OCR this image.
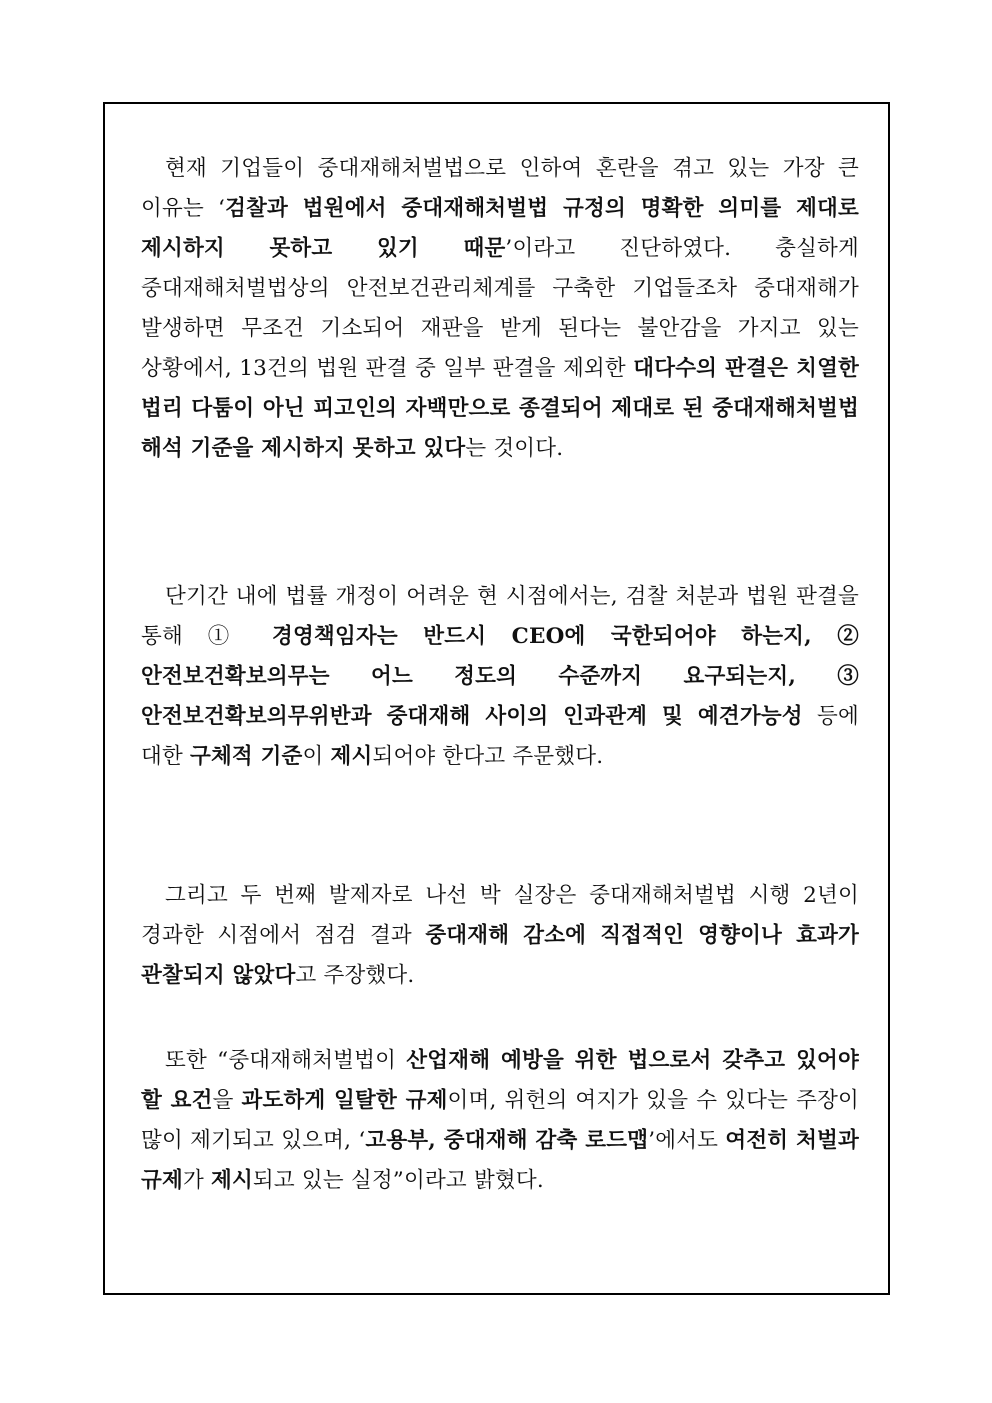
현재 기업들이 중대재해처벌법으로 인하여 혼란을 겪고 있는 가장 큰 이유는 ‘검찰과 법원에서 중대재해처벌법 규정의 명확한 의미를 제대로 제시하지 못하고 있기 때문’이라고 진단하였다. 충실하게 중대재해처벌법상의 안전보건관리체계를 구축한 기업들조차 중대재해가 발생하면 무조건 기소되어 재판을 받게 된다는 불안감을 가지고 있는 상황에서, 13건의 법원 판결 중 일부 판결을 제외한 대다수의 판결은 치열한 법리 다툼이 아닌 피고인의 자백만으로 종결되어 제대로 된 중대재해처벌법 해석 기준을 제시하지 못하고 있다는 것이다.
단기간 내에 법률 개정이 어려운 현 시점에서는, 검찰 처분과 법원 판결을 통해 ① 경영책임자는 반드시 CEO에 국한되어야 하는지, ② 안전보건확보의무는 어느 정도의 수준까지 요구되는지, ③ 안전보건확보의무위반과 중대재해 사이의 인과관계 및 예견가능성 등에 대한 구체적 기준이 제시되어야 한다고 주문했다.
그리고 두 번째 발제자로 나선 박 실장은 중대재해처벌법 시행 2년이 경과한 시점에서 점검 결과 중대재해 감소에 직접적인 영향이나 효과가 관찰되지 않았다고 주장했다.
또한 “중대재해처벌법이 산업재해 예방을 위한 법으로서 갖추고 있어야 할 요건을 과도하게 일탈한 규제이며, 위헌의 여지가 있을 수 있다는 주장이 많이 제기되고 있으며, ‘고용부, 중대재해 감축 로드맵’에서도 여전히 처벌과 규제가 제시되고 있는 실정”이라고 밝혔다.
